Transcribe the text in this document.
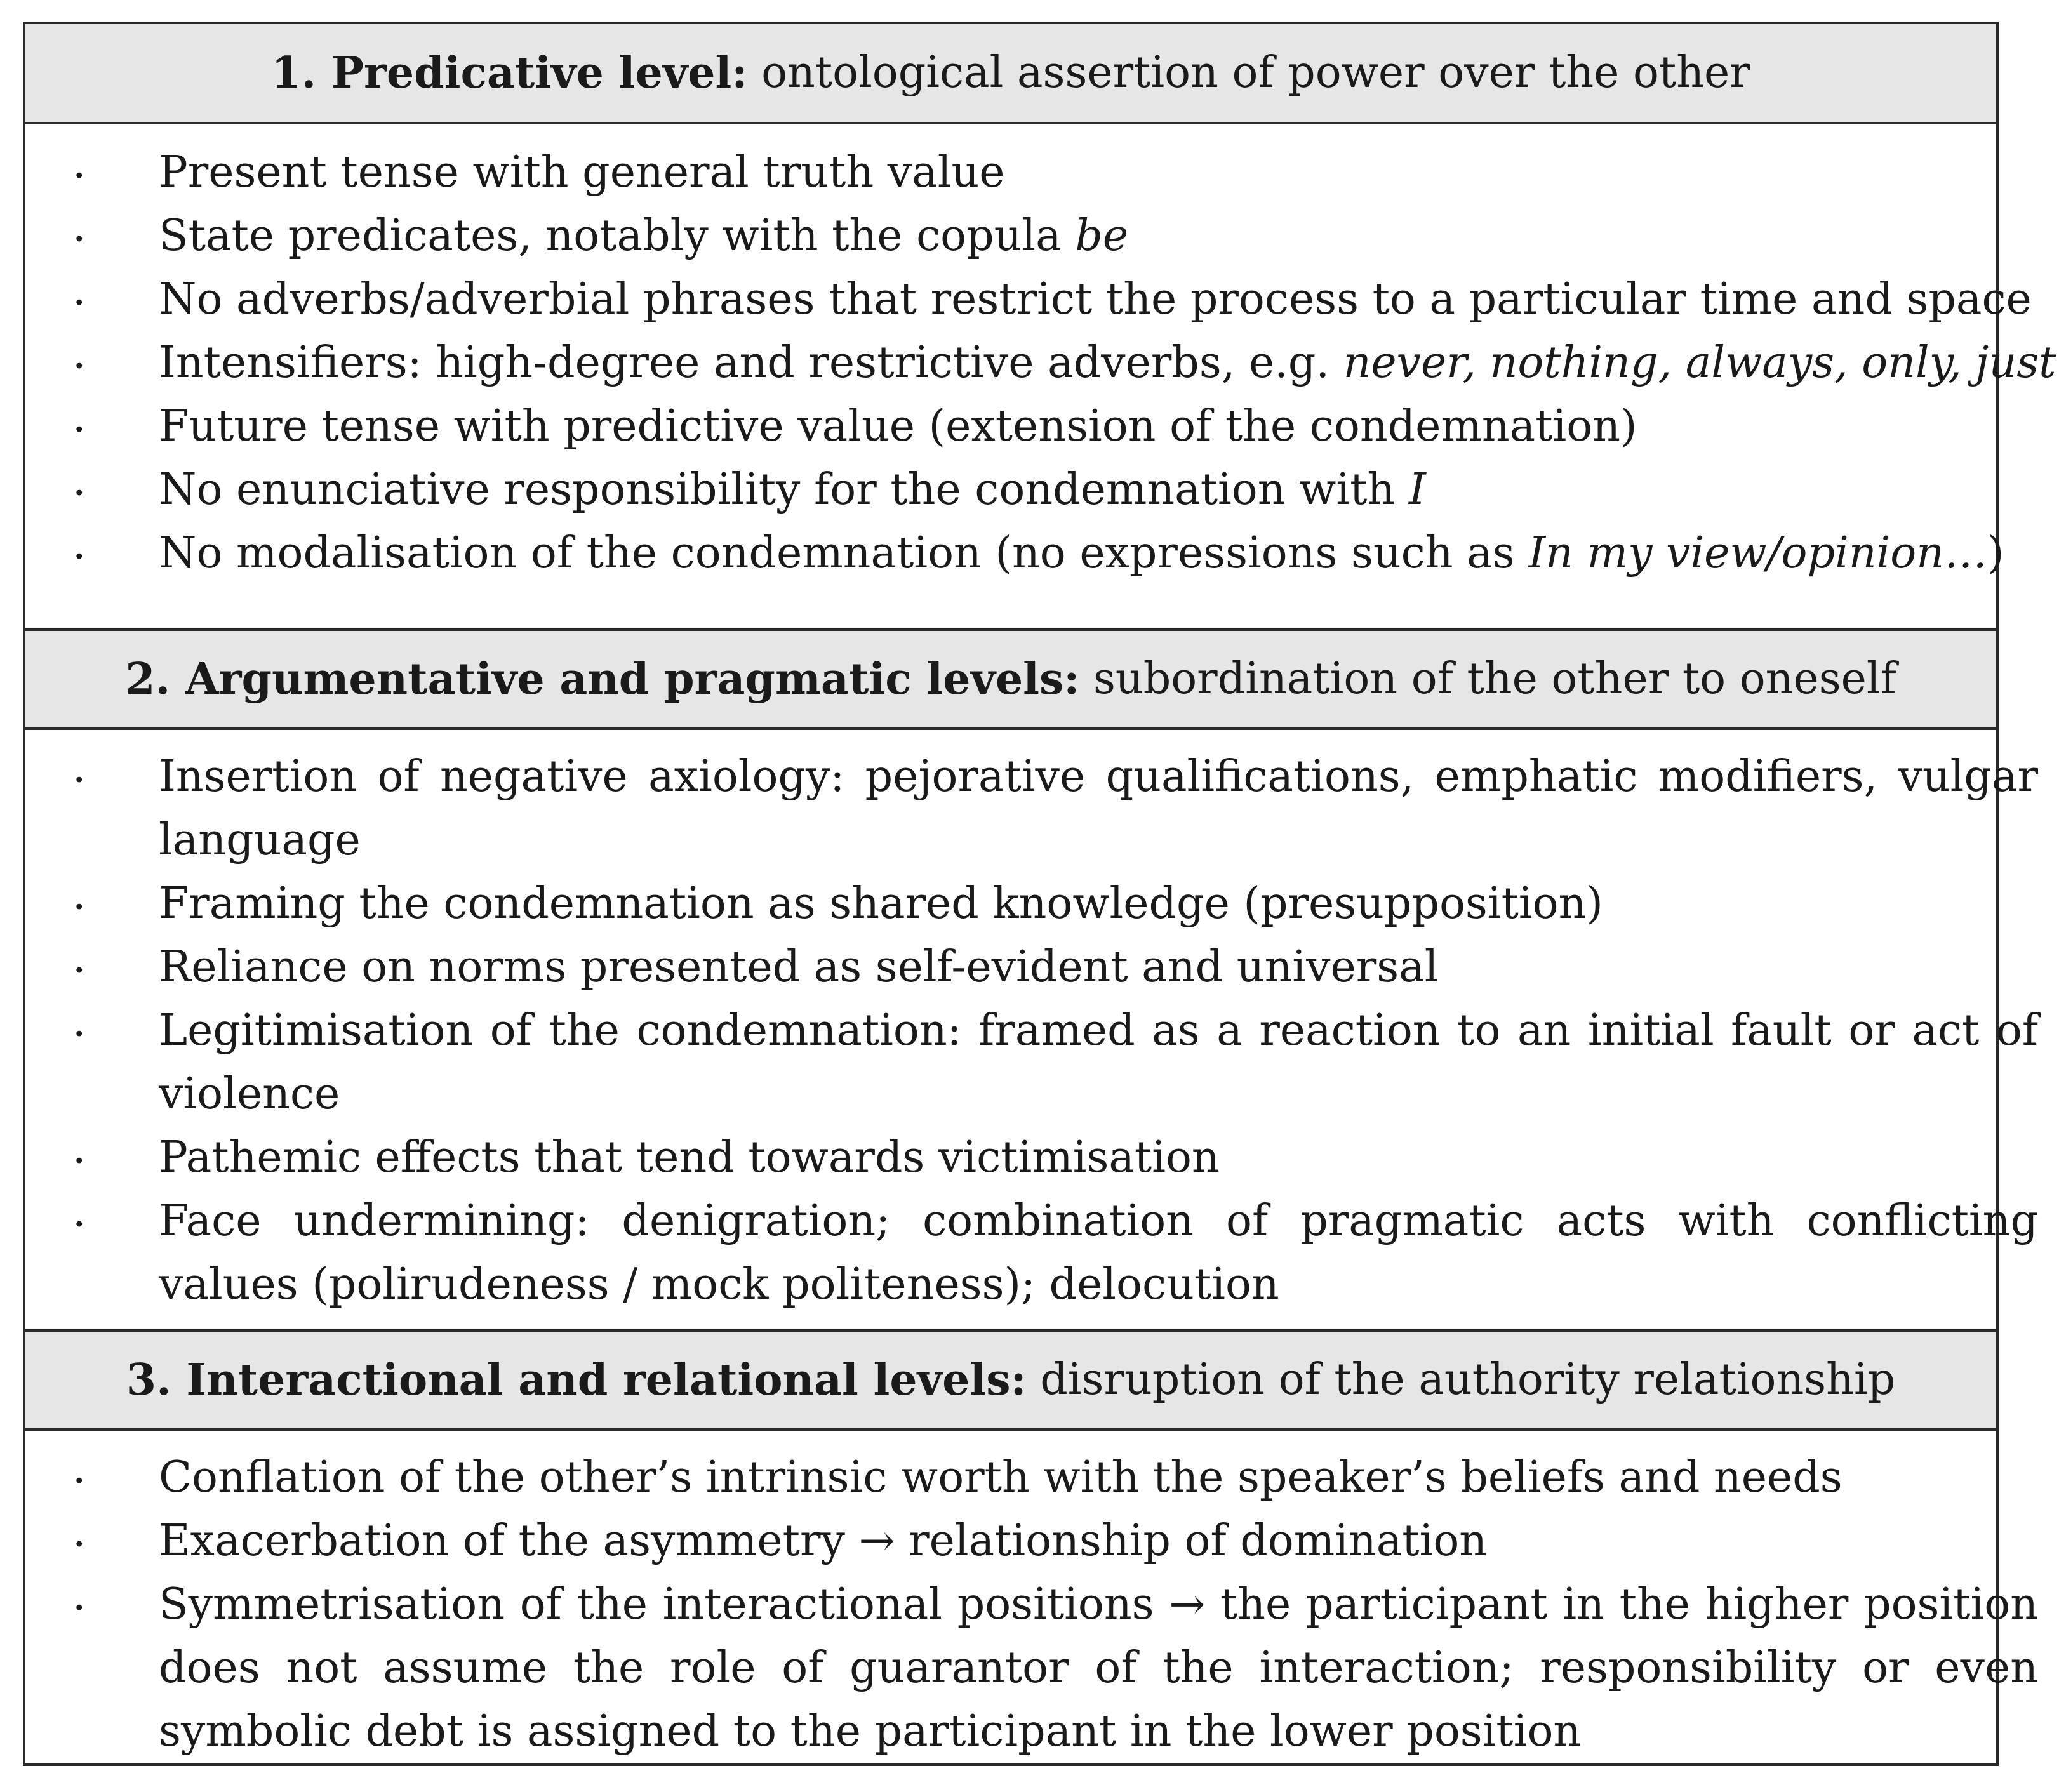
1. Predicative level:
ontological assertion of power over the other
· Present tense with general truth value
· State predicates, notably with the copula be
· No adverbs/adverbial phrases that restrict the process to a particular time and space
· Intensifiers: high-degree and restrictive adverbs, e.g. never, nothing, always, only, just
· Future tense with predictive value (extension of the condemnation)
· No enunciative responsibility for the condemnation with I
· No modalisation of the condemnation (no expressions such as In my view/opinion…)
2. Argumentative and pragmatic levels:
subordination of the other to oneself
· Insertion of negative axiology: pejorative qualifications, emphatic modifiers, vulgar language
· Framing the condemnation as shared knowledge (presupposition)
· Reliance on norms presented as self-evident and universal
· Legitimisation of the condemnation: framed as a reaction to an initial fault or act of violence
· Pathemic effects that tend towards victimisation
· Face undermining: denigration; combination of pragmatic acts with conflicting values (polirudeness / mock politeness); delocution
3. Interactional and relational levels:
disruption of the authority relationship
· Conflation of the other’s intrinsic worth with the speaker’s beliefs and needs
· Exacerbation of the asymmetry → relationship of domination
· Symmetrisation of the interactional positions → the participant in the higher position does not assume the role of guarantor of the interaction; responsibility or even symbolic debt is assigned to the participant in the lower position
